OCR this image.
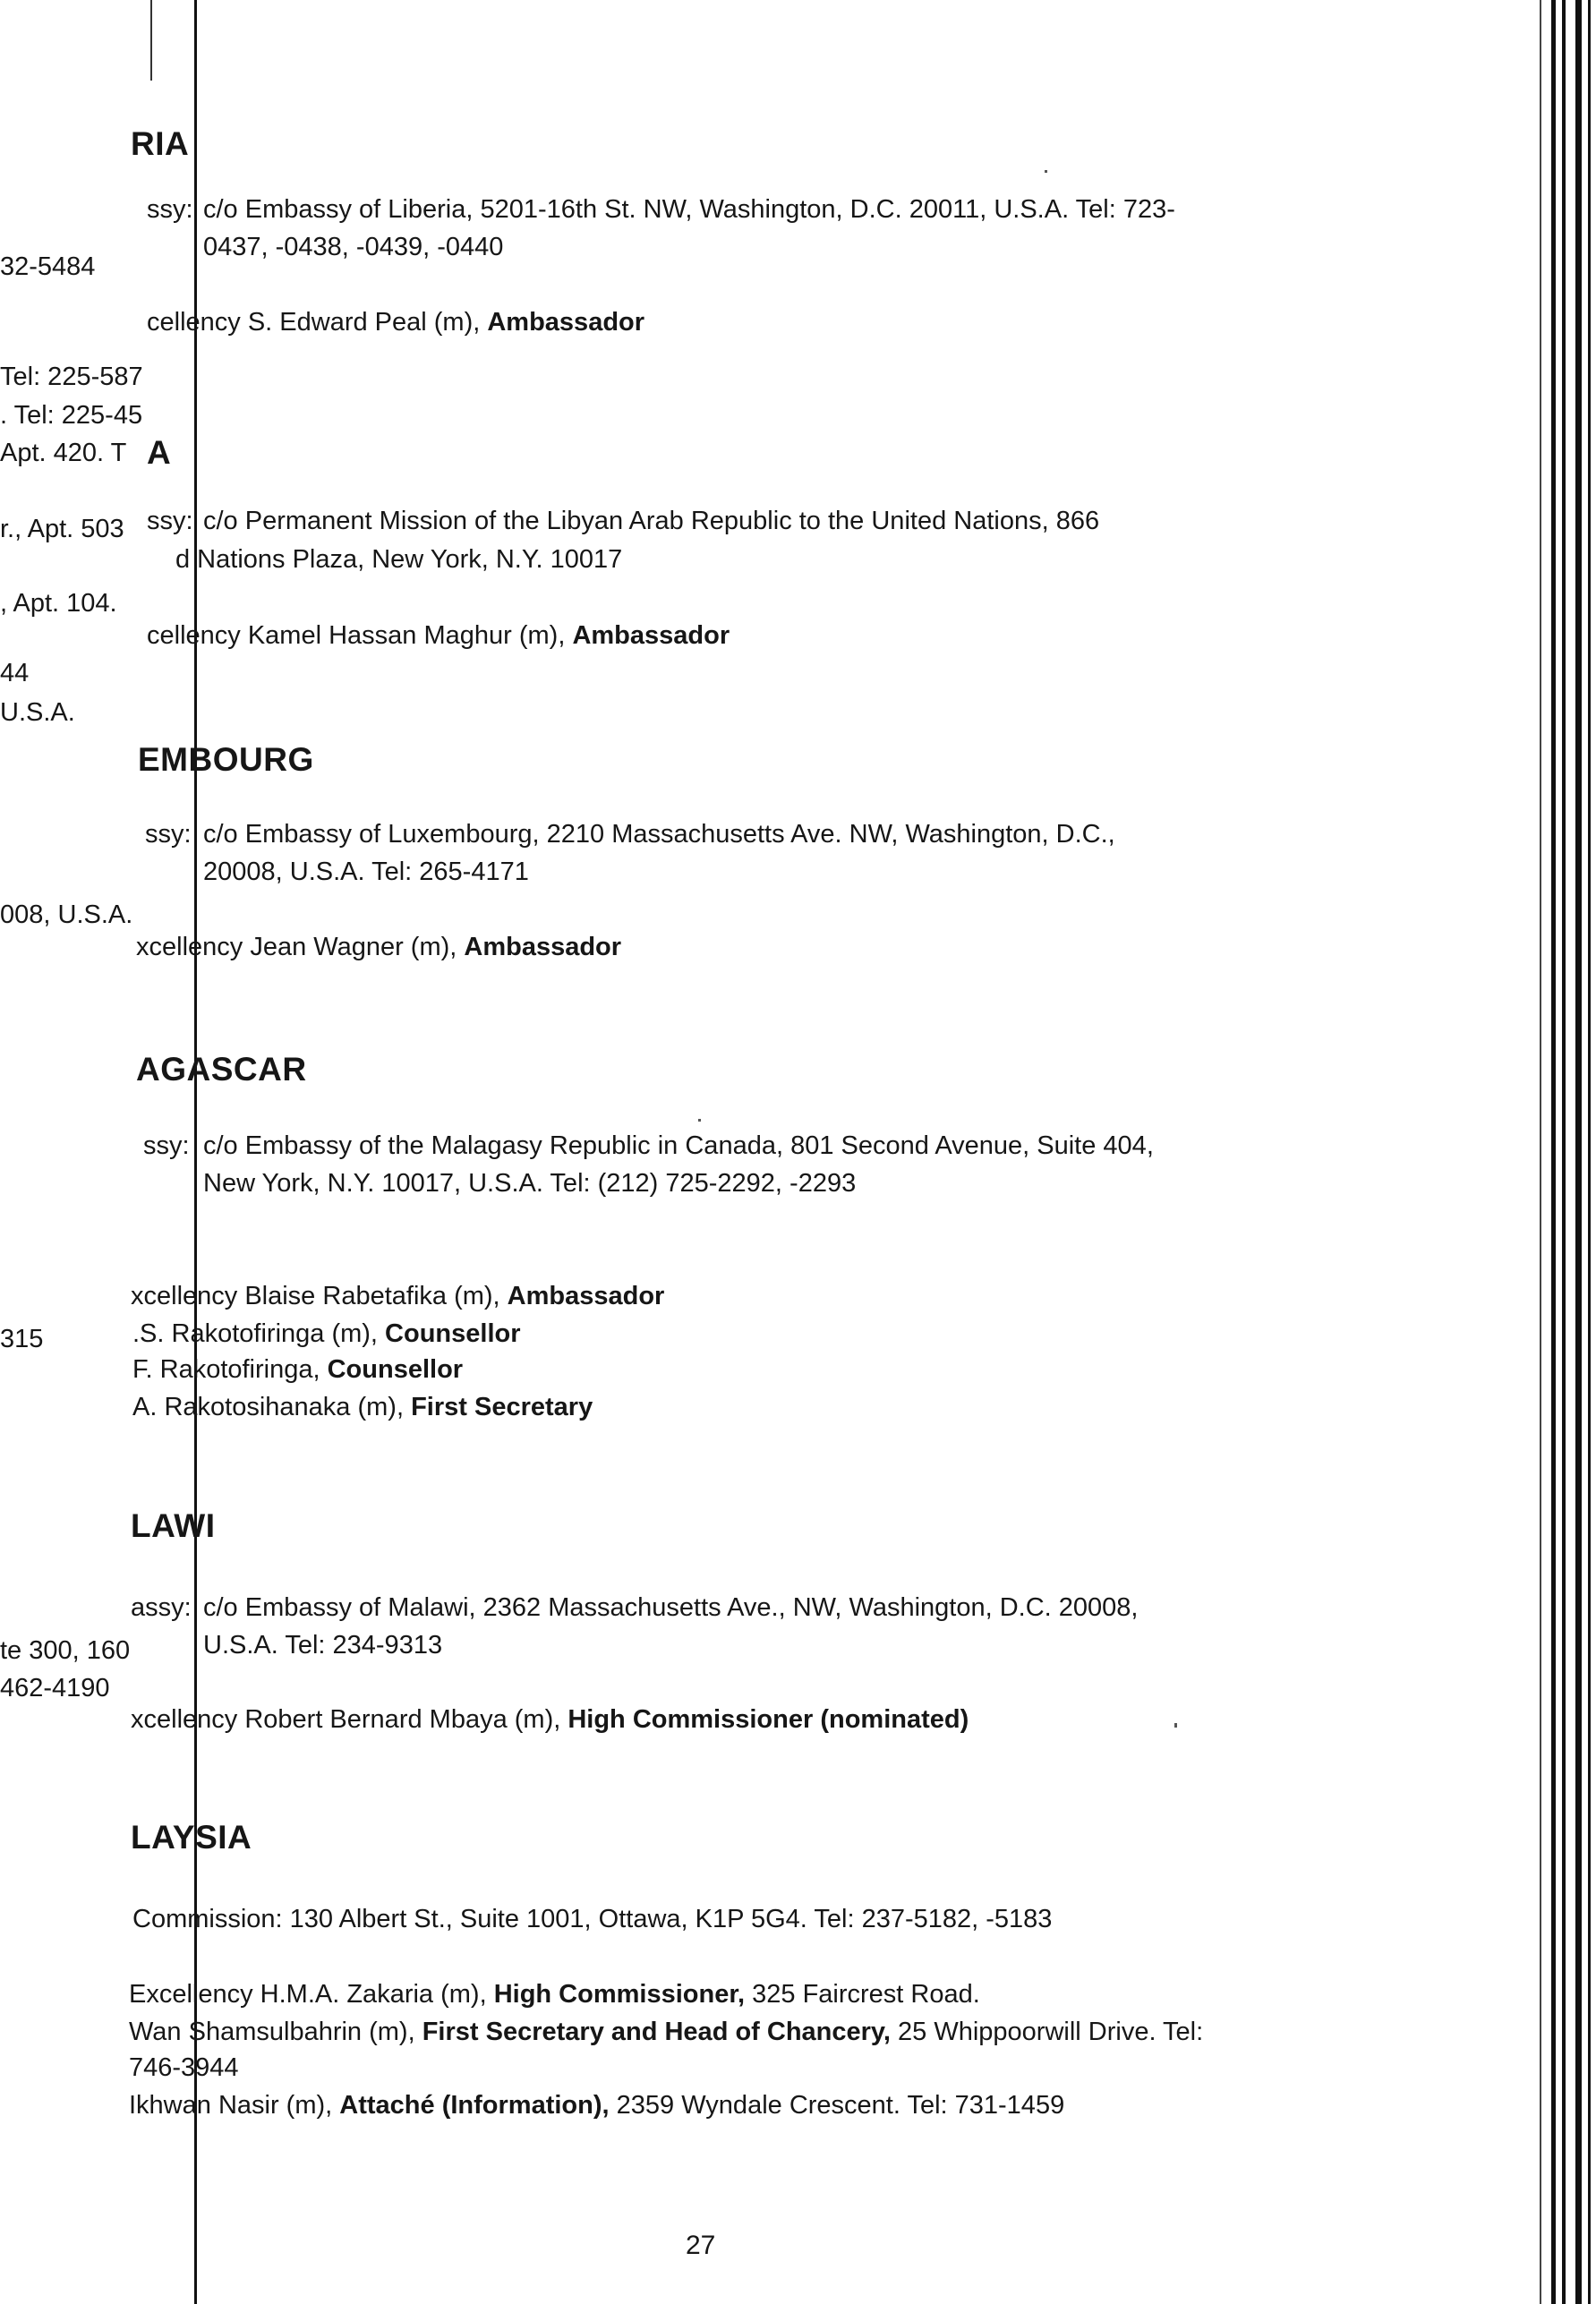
32-5484
Tel: 225-587
. Tel: 225-45
Apt. 420. T
r., Apt. 503
, Apt. 104.
44
U.S.A.
008, U.S.A.
315
te 300, 160
462-4190
RIA
ssy: c/o Embassy of Liberia, 5201-16th St. NW, Washington, D.C. 20011, U.S.A. Tel: 723-
0437, -0438, -0439, -0440
cellency S. Edward Peal (m), Ambassador
A
ssy: c/o Permanent Mission of the Libyan Arab Republic to the United Nations, 866
d Nations Plaza, New York, N.Y. 10017
cellency Kamel Hassan Maghur (m), Ambassador
EMBOURG
ssy: c/o Embassy of Luxembourg, 2210 Massachusetts Ave. NW, Washington, D.C.,
20008, U.S.A. Tel: 265-4171
xcellency Jean Wagner (m), Ambassador
AGASCAR
ssy: c/o Embassy of the Malagasy Republic in Canada, 801 Second Avenue, Suite 404,
New York, N.Y. 10017, U.S.A. Tel: (212) 725-2292, -2293
xcellency Blaise Rabetafika (m), Ambassador
.S. Rakotofiringa (m), Counsellor
F. Rakotofiringa, Counsellor
A. Rakotosihanaka (m), First Secretary
LAWI
assy: c/o Embassy of Malawi, 2362 Massachusetts Ave., NW, Washington, D.C. 20008,
U.S.A. Tel: 234-9313
xcellency Robert Bernard Mbaya (m), High Commissioner (nominated)
LAYSIA
Commission: 130 Albert St., Suite 1001, Ottawa, K1P 5G4. Tel: 237-5182, -5183
Excellency H.M.A. Zakaria (m), High Commissioner, 325 Faircrest Road.
Wan Shamsulbahrin (m), First Secretary and Head of Chancery, 25 Whippoorwill Drive. Tel:
746-3944
Ikhwan Nasir (m), Attaché (Information), 2359 Wyndale Crescent. Tel: 731-1459
27
